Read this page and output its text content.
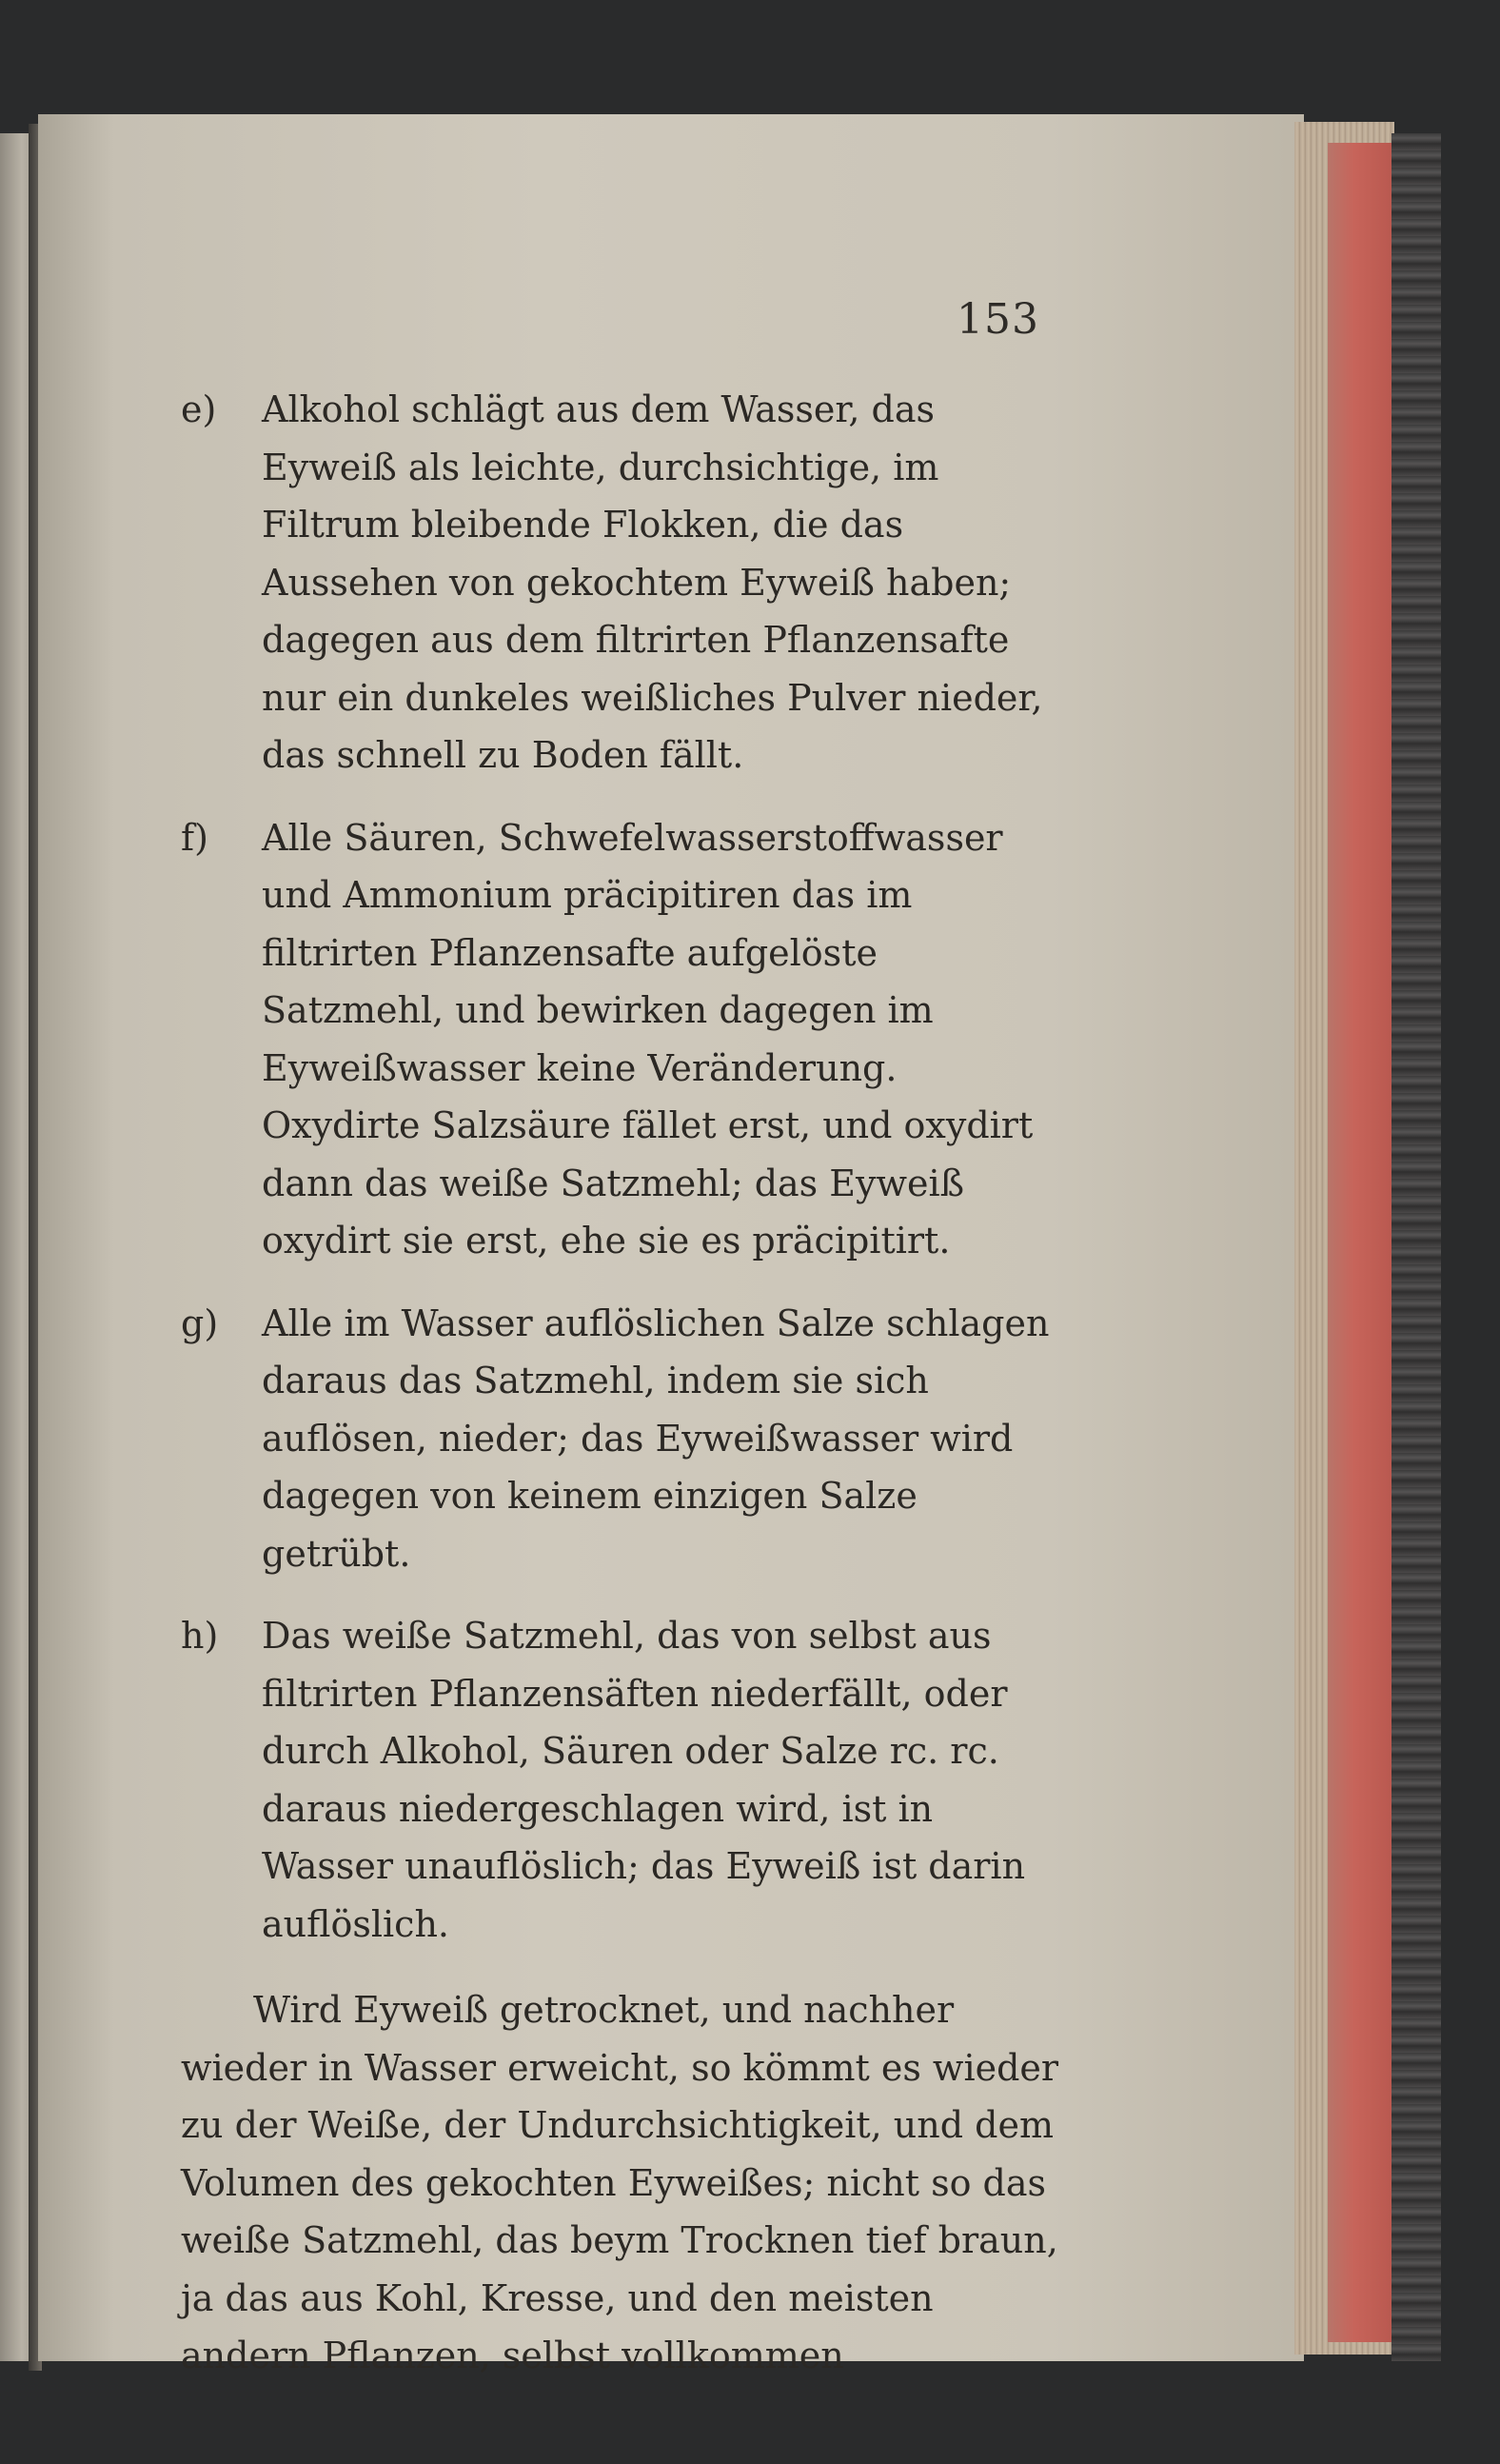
153
e) Alkohol schlägt aus dem Wasser, das Eyweiß als leichte, durchsichtige, im Filtrum bleibende Flokken, die das Aussehen von gekochtem Eyweiß haben; dagegen aus dem filtrirten Pflanzensafte nur ein dunkeles weißliches Pulver nieder, das schnell zu Boden fällt.
f) Alle Säuren, Schwefelwasserstoffwasser und Ammonium präcipitiren das im filtrirten Pflanzensafte aufgelöste Satzmehl, und bewirken dagegen im Eyweißwasser keine Veränderung. Oxydirte Salzsäure fället erst, und oxydirt dann das weiße Satzmehl; das Eyweiß oxydirt sie erst, ehe sie es präcipitirt.
g) Alle im Wasser auflöslichen Salze schlagen daraus das Satzmehl, indem sie sich auflösen, nieder; das Eyweißwasser wird dagegen von keinem einzigen Salze getrübt.
h) Das weiße Satzmehl, das von selbst aus filtrirten Pflanzensäften niederfällt, oder durch Alkohol, Säuren oder Salze rc. rc. daraus niedergeschlagen wird, ist in Wasser unauflöslich; das Eyweiß ist darin auflöslich.
Wird Eyweiß getrocknet, und nachher wieder in Wasser erweicht, so kömmt es wieder zu der Weiße, der Undurchsichtigkeit, und dem Volumen des gekochten Eyweißes; nicht so das weiße Satzmehl, das beym Trocknen tief braun, ja das aus Kohl, Kresse, und den meisten andern Pflanzen, selbst vollkommen
